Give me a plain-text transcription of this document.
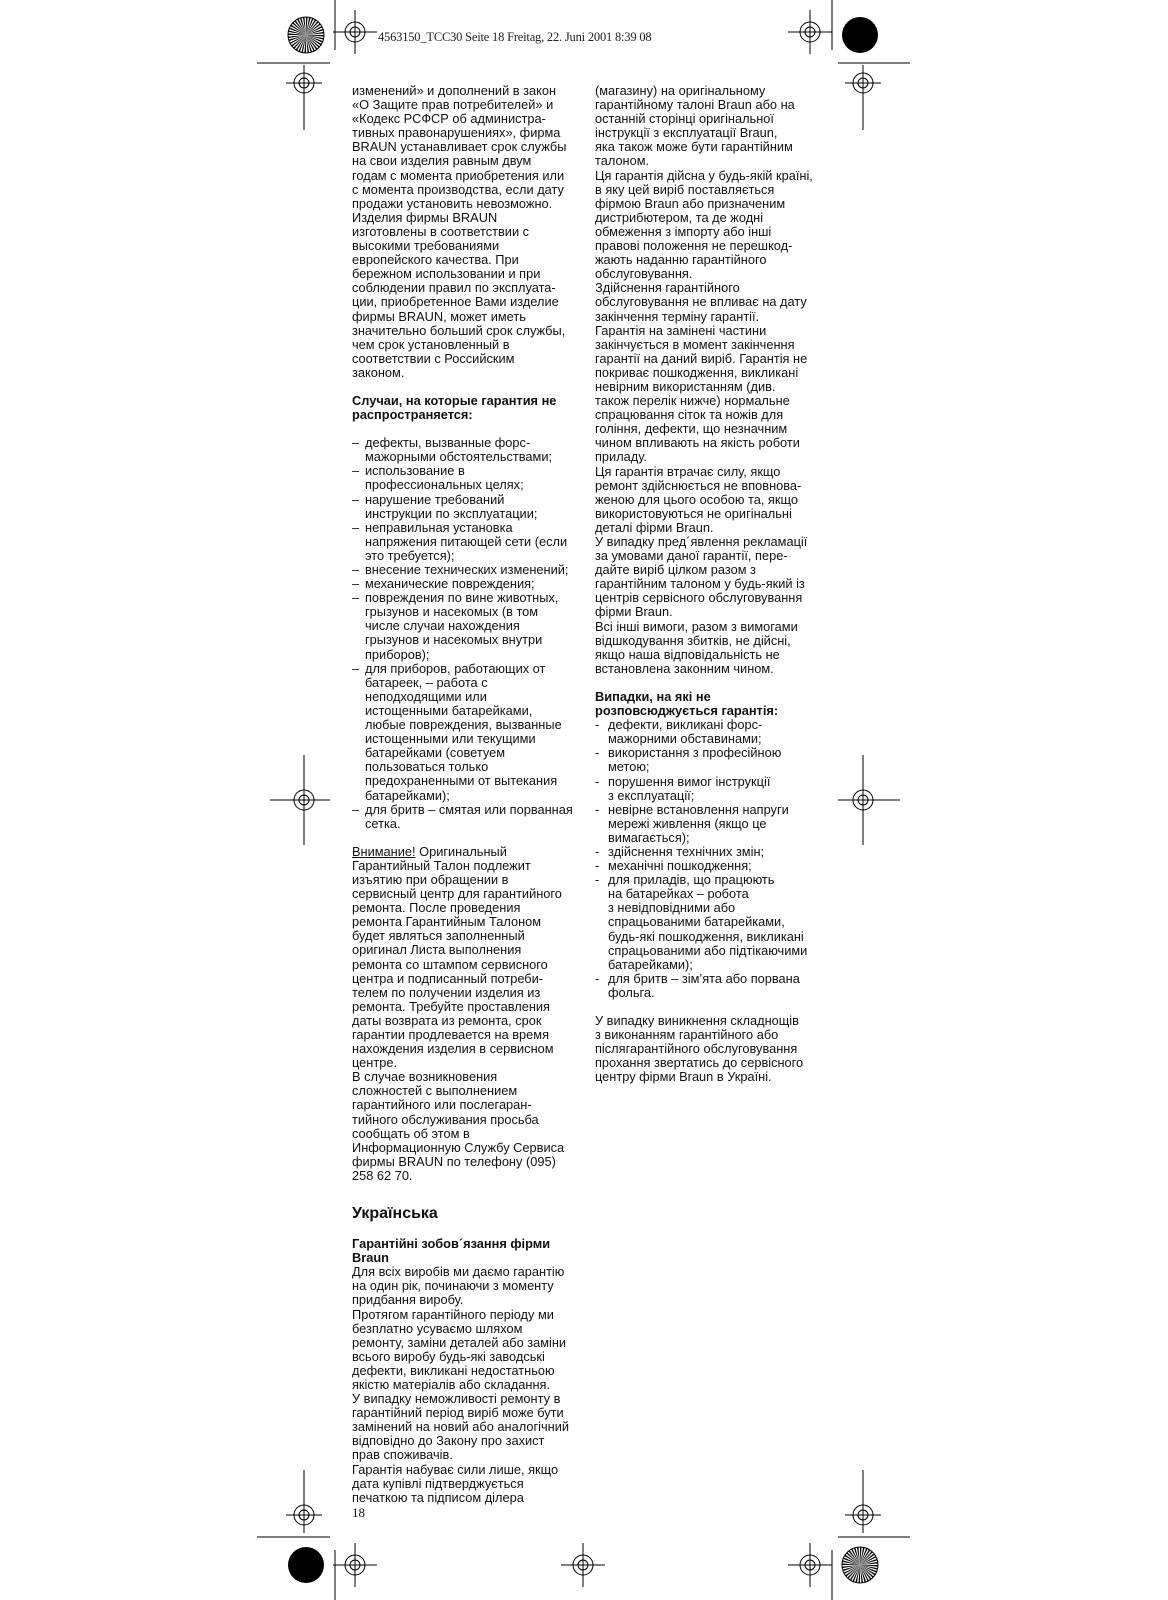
4563150_TCC30 Seite 18 Freitag, 22. Juni 2001 8:39 08

изменений» и дополнений в закон

«О Защите прав потребителей» и

«Кодекс РСФСР об администра-

тивных правонарушениях», фирма

BRAUN устанавливает срок службы

на свои изделия равным двум

годам с момента приобретения или

с момента производства, если дату

продажи установить невозможно.

Изделия фирмы BRAUN

изготовлены в соответствии с

высокими требованиями

европейского качества. При

бережном использовании и при

соблюдении правил по эксплуата-

ции, приобретенное Вами изделие

фирмы BRAUN, может иметь

значительно больший срок службы,

чем срок установленный в

соответствии с Российским

законом.

Случаи, на которые гарантия не
распространяется:
– дефекты, вызванные форс-
мажорными обстоятельствами;
– использование в
профессиональных целях;
– нарушение требований
инструкции по эксплуатации;
– неправильная установка
напряжения питающей сети (если
это требуется);
– внесение технических изменений;
– механические повреждения;
– повреждения по вине животных,
грызунов и насекомых (в том
числе случаи нахождения
грызунов и насекомых внутри
приборов);
– для приборов, работающих от
батареек, – работа с
неподходящими или
истощенными батарейками,
любые повреждения, вызванные
истощенными или текущими
батарейками (советуем
пользоваться только
предохраненными от вытекания
батарейками);
– для бритв – смятая или порванная
сетка.

Внимание! Оригинальный

Гарантийный Талон подлежит

изъятию при обращении в

сервисный центр для гарантийного

ремонта. После проведения

ремонта Гарантийным Талоном

будет являться заполненный

оригинал Листа выполнения

ремонта со штампом сервисного

центра и подписанный потреби-

телем по получении изделия из

ремонта. Требуйте проставления

даты возврата из ремонта, срок

гарантии продлевается на время

нахождения изделия в сервисном

центре.

В случае возникновения

сложностей с выполнением

гарантийного или послегаран-

тийного обслуживания просьба

сообщать об этом в

Информационную Службу Сервиса

фирмы BRAUN по телефону (095)

258 62 70.

Українська
Гарантійні зобов´язання фірми
Braun

Для всіх виробів ми даємо гарантію

на один рік, починаючи з моменту

придбання виробу.

Протягом гарантійного періоду ми

безплатно усуваємо шляхом

ремонту, заміни деталей або заміни

всього виробу будь-які заводські

дефекти, викликані недостатньою

якістю матеріалів або складання.

У випадку неможливості ремонту в

гарантійний період виріб може бути

замінений на новий або аналогічний

відповідно до Закону про захист

прав споживачів.

Гарантія набуває сили лише, якщо

дата купівлі підтверджується

печаткою та підписом ділера

(магазину) на оригінальному

гарантійному талоні Braun або на

останній сторінці оригінальної

інструкції з експлуатації Braun,

яка також може бути гарантійним

талоном.

Ця гарантія дійсна у будь-якій країні,

в яку цей виріб поставляється

фірмою Braun або призначеним

дистрибютером, та де жодні

обмеження з імпорту або інші

правові положення не перешкод-

жають наданню гарантійного

обслуговування.

Здійснення гарантійного

обслуговування не впливає на дату

закінчення терміну гарантії.

Гарантія на замінені частини

закінчується в момент закінчення

гарантії на даний виріб. Гарантія не

покриває пошкодження, викликані

невірним використанням (див.

також перелік нижче) нормальне

спрацювання сіток та ножів для

гоління, дефекти, що незначним

чином впливають на якість роботи

приладу.

Ця гарантія втрачає силу, якщо

ремонт здійснюється не вповнова-

женою для цього особою та, якщо

використовуються не оригінальні

деталі фірми Braun.

У випадку пред´явлення рекламації

за умовами даної гарантії, пере-

дайте виріб цілком разом з

гарантійним талоном у будь-який із

центрів сервісного обслуговування

фірми Braun.

Всі інші вимоги, разом з вимогами

відшкодування збитків, не дійсні,

якщо наша відповідальність не

встановлена законним чином.

Випадки, на які не
розповсюджується гарантія:
- дефекти, викликані форс-
мажорними обставинами;
- використання з професійною
метою;
- порушення вимог інструкції
з експлуатації;
- невірне встановлення напруги
мережі живлення (якщо це
вимагається);
- здійснення технічних змін;
- механічні пошкодження;
- для приладів, що працюють
на батарейках – робота
з невідповідними або
спрацьованими батарейками,
будь-які пошкодження, викликані
спрацьованими або підтікаючими
батарейками);
- для бритв – зім’ята або порвана
фольга.

У випадку виникнення складнощів

з виконанням гарантійного або

післягарантійного обслуговування

прохання звертатись до сервісного

центру фірми Braun в Україні.

18
